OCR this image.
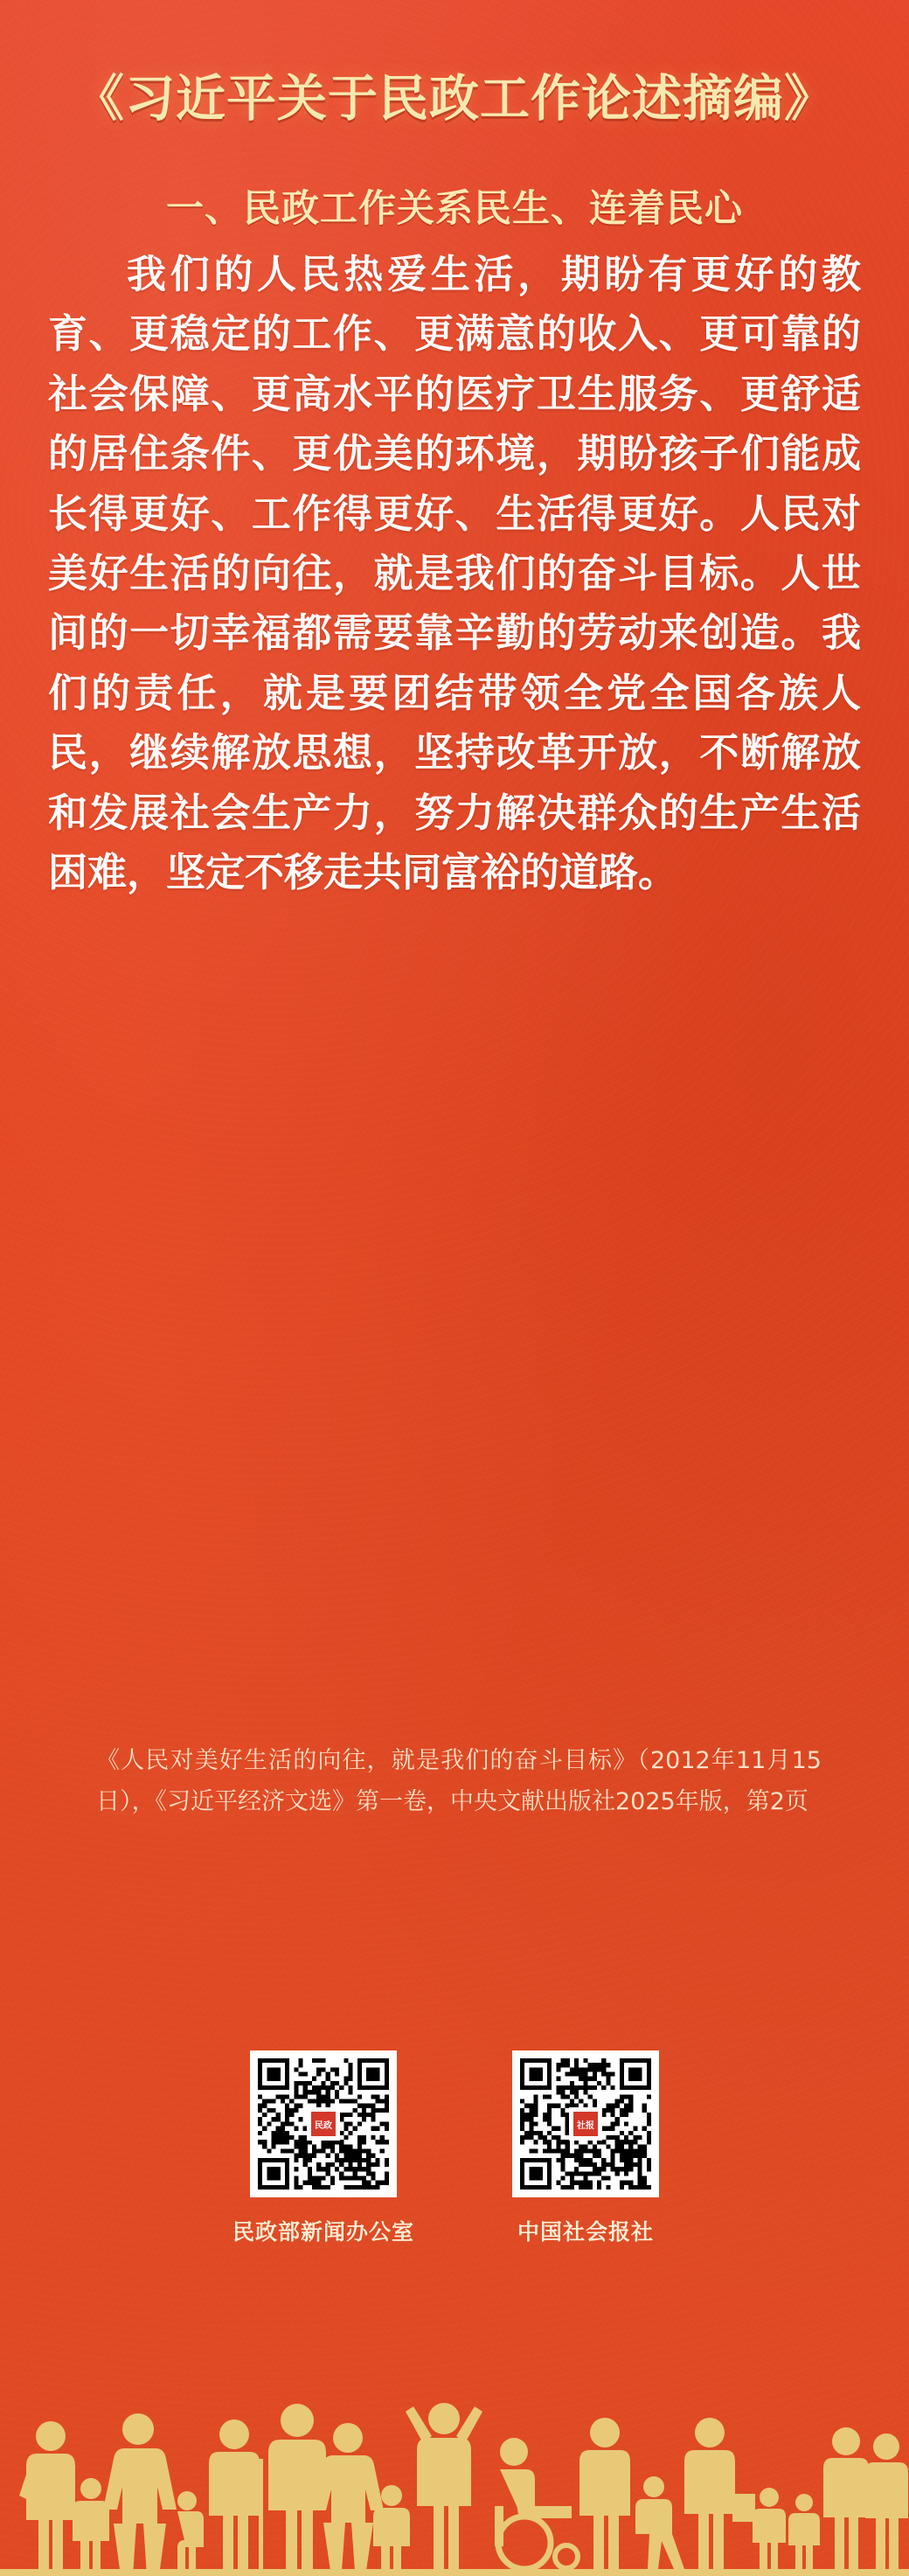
《习近平关于民政工作论述摘编》
一、民政工作关系民生、连着民心
我们的人民热爱生活，期盼有更好的教育、更稳定的工作、更满意的收入、更可靠的社会保障、更高水平的医疗卫生服务、更舒适的居住条件、更优美的环境，期盼孩子们能成长得更好、工作得更好、生活得更好。人民对美好生活的向往，就是我们的奋斗目标。人世间的一切幸福都需要靠辛勤的劳动来创造。我们的责任，就是要团结带领全党全国各族人民，继续解放思想，坚持改革开放，不断解放和发展社会生产力，努力解决群众的生产生活困难，坚定不移走共同富裕的道路。
《人民对美好生活的向往，就是我们的奋斗目标》（2012年11月15日），《习近平经济文选》第一卷，中央文献出版社2025年版，第2页
民政
民政部新闻办公室
社报
中国社会报社
